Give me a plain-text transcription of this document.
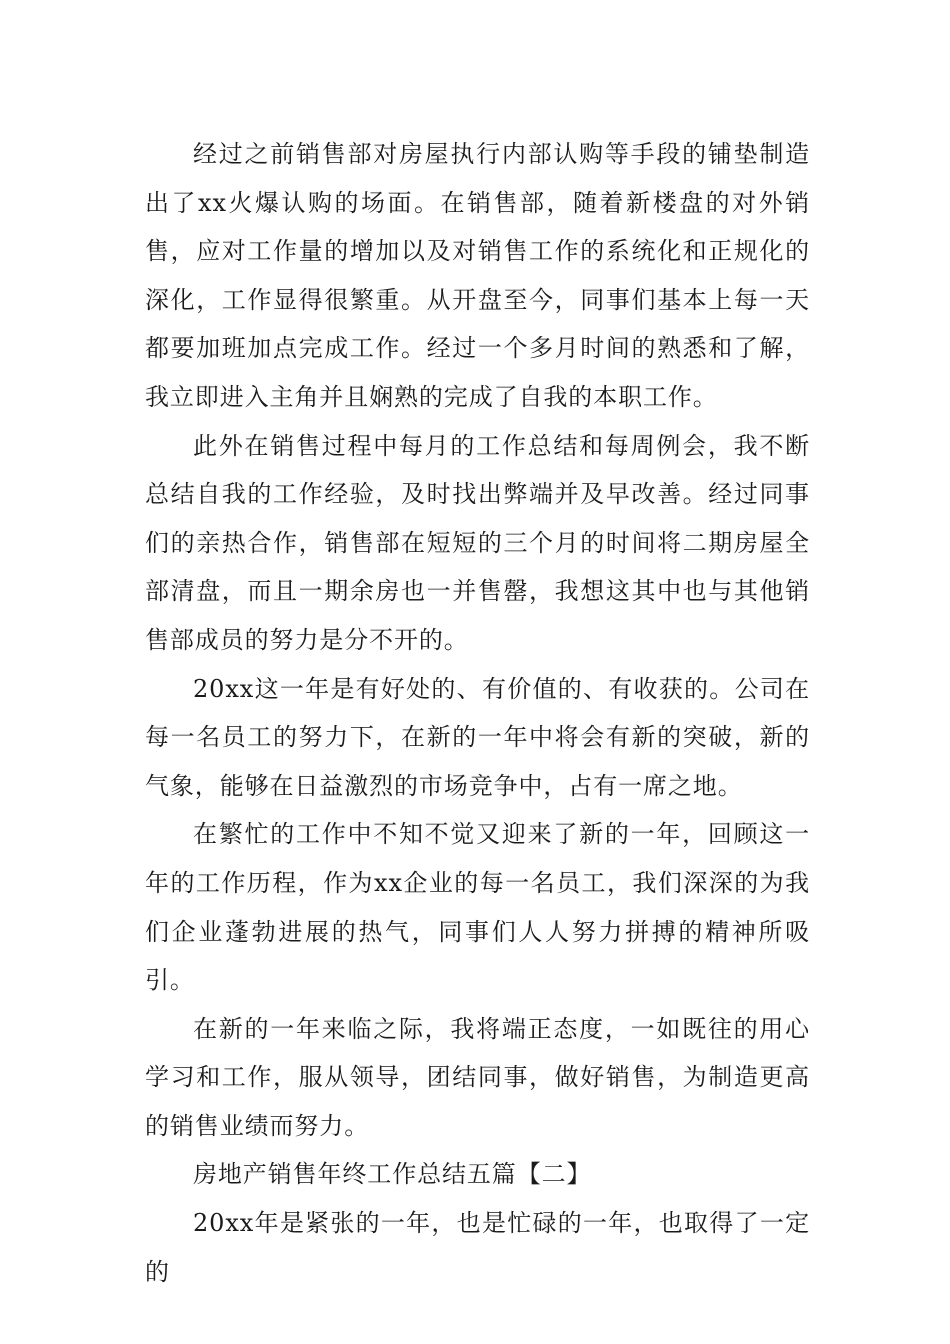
经过之前销售部对房屋执行内部认购等手段的铺垫制造出了xx火爆认购的场面。在销售部，随着新楼盘的对外销售，应对工作量的增加以及对销售工作的系统化和正规化的深化，工作显得很繁重。从开盘至今，同事们基本上每一天都要加班加点完成工作。经过一个多月时间的熟悉和了解，我立即进入主角并且娴熟的完成了自我的本职工作。

此外在销售过程中每月的工作总结和每周例会，我不断总结自我的工作经验，及时找出弊端并及早改善。经过同事们的亲热合作，销售部在短短的三个月的时间将二期房屋全部清盘，而且一期余房也一并售罄，我想这其中也与其他销售部成员的努力是分不开的。

20xx这一年是有好处的、有价值的、有收获的。公司在每一名员工的努力下，在新的一年中将会有新的突破，新的气象，能够在日益激烈的市场竞争中，占有一席之地。

在繁忙的工作中不知不觉又迎来了新的一年，回顾这一年的工作历程，作为xx企业的每一名员工，我们深深的为我们企业蓬勃进展的热气，同事们人人努力拼搏的精神所吸引。

在新的一年来临之际，我将端正态度，一如既往的用心学习和工作，服从领导，团结同事，做好销售，为制造更高的销售业绩而努力。

房地产销售年终工作总结五篇【二】

20xx年是紧张的一年，也是忙碌的一年，也取得了一定的
